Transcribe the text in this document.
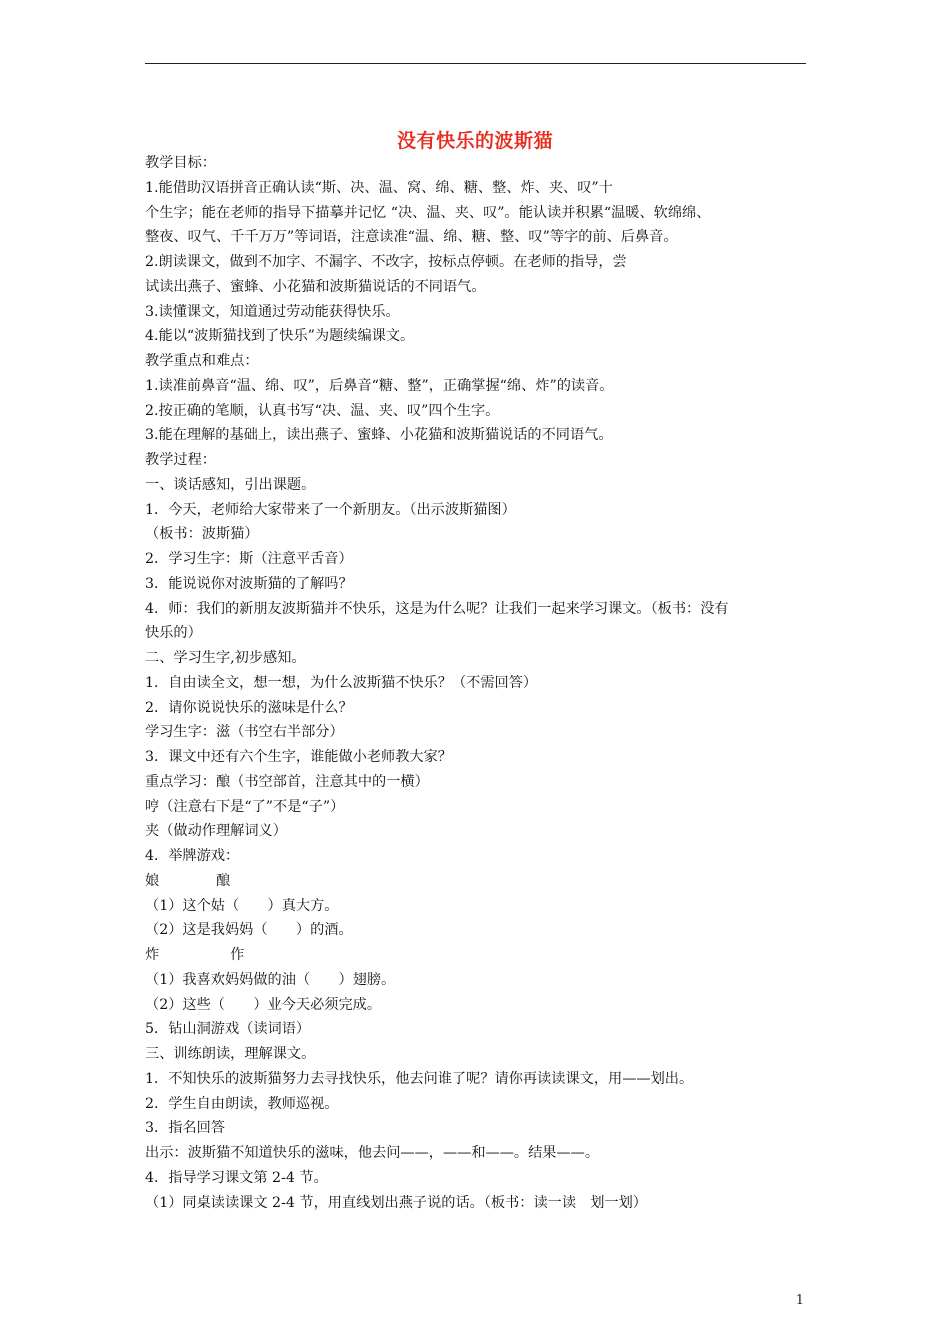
没有快乐的波斯猫
教学目标：
1.能借助汉语拼音正确认读“斯、决、温、窝、绵、糖、整、炸、夹、叹”十
个生字；能在老师的指导下描摹并记忆 “决、温、夹、叹”。能认读并积累“温暖、软绵绵、
整夜、叹气、千千万万”等词语，注意读准“温、绵、糖、整、叹”等字的前、后鼻音。
2.朗读课文，做到不加字、不漏字、不改字，按标点停顿。在老师的指导，尝
试读出燕子、蜜蜂、小花猫和波斯猫说话的不同语气。
3.读懂课文，知道通过劳动能获得快乐。
4.能以“波斯猫找到了快乐”为题续编课文。
教学重点和难点：
1.读准前鼻音“温、绵、叹”，后鼻音“糖、整”，正确掌握“绵、炸”的读音。
2.按正确的笔顺，认真书写“决、温、夹、叹”四个生字。
3.能在理解的基础上，读出燕子、蜜蜂、小花猫和波斯猫说话的不同语气。
教学过程：
一、谈话感知，引出课题。
1．今天，老师给大家带来了一个新朋友。（出示波斯猫图）
（板书：波斯猫）
2．学习生字：斯（注意平舌音）
3．能说说你对波斯猫的了解吗？
4．师：我们的新朋友波斯猫并不快乐，这是为什么呢？让我们一起来学习课文。（板书：没有
快乐的）
二、学习生字,初步感知。
1．自由读全文，想一想，为什么波斯猫不快乐？（不需回答）
2．请你说说快乐的滋味是什么？
学习生字：滋（书空右半部分）
3．课文中还有六个生字，谁能做小老师教大家？
重点学习：酿（书空部首，注意其中的一横）
哼（注意右下是“了”不是“子”）
夹（做动作理解词义）
4．举牌游戏：
娘　　　　酿
（1）这个姑（　　）真大方。
（2）这是我妈妈（　　）的酒。
炸　　　　　作
（1）我喜欢妈妈做的油（　　）翅膀。
（2）这些（　　）业今天必须完成。
5．钻山洞游戏（读词语）
三、训练朗读，理解课文。
1．不知快乐的波斯猫努力去寻找快乐，他去问谁了呢？请你再读读课文，用——划出。
2．学生自由朗读，教师巡视。
3．指名回答
出示：波斯猫不知道快乐的滋味，他去问——，——和——。结果——。
4．指导学习课文第 2-4 节。
（1）同桌读读课文 2-4 节，用直线划出燕子说的话。（板书：读一读　划一划）
1
